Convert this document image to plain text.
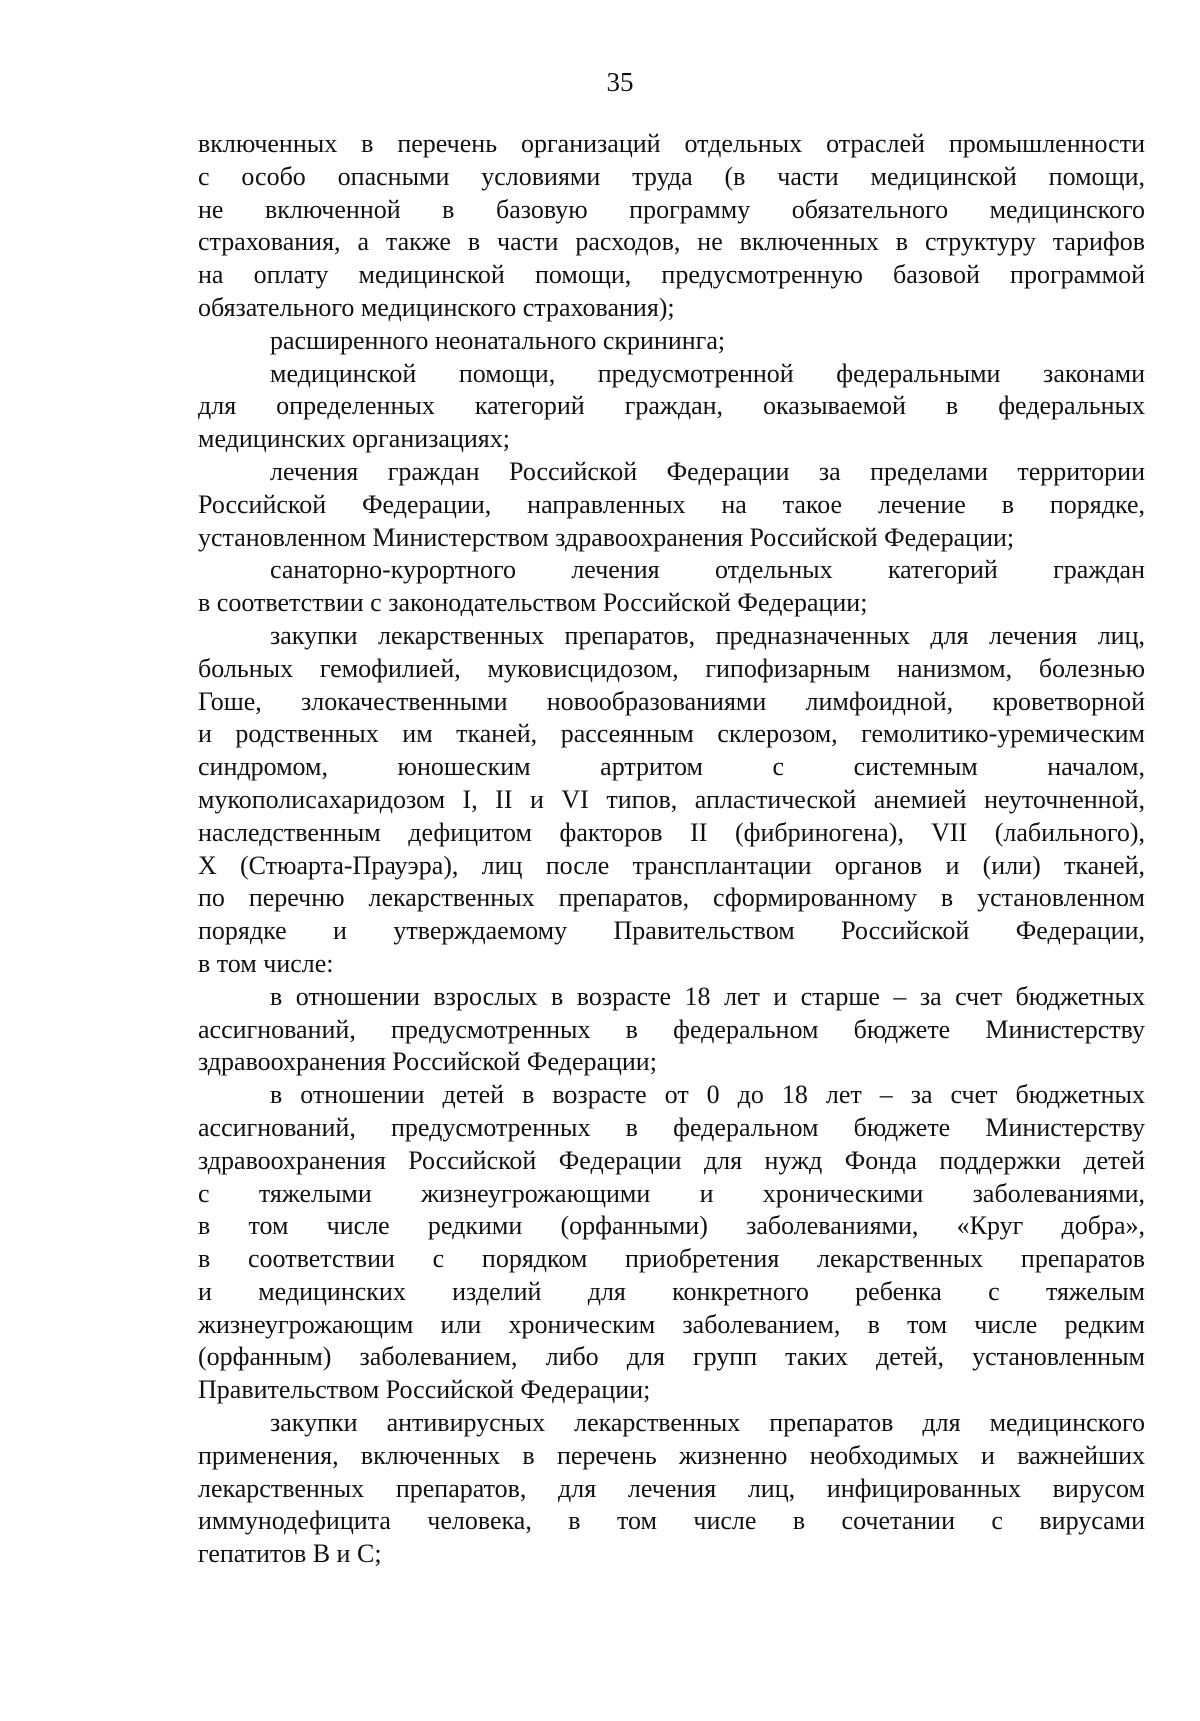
35
включенных в перечень организаций отдельных отраслей промышленности
с особо опасными условиями труда (в части медицинской помощи,
не включенной в базовую программу обязательного медицинского
страхования, а также в части расходов, не включенных в структуру тарифов
на оплату медицинской помощи, предусмотренную базовой программой
обязательного медицинского страхования);
расширенного неонатального скрининга;
медицинской помощи, предусмотренной федеральными законами
для определенных категорий граждан, оказываемой в федеральных
медицинских организациях;
лечения граждан Российской Федерации за пределами территории
Российской Федерации, направленных на такое лечение в порядке,
установленном Министерством здравоохранения Российской Федерации;
санаторно-курортного лечения отдельных категорий граждан
в соответствии с законодательством Российской Федерации;
закупки лекарственных препаратов, предназначенных для лечения лиц,
больных гемофилией, муковисцидозом, гипофизарным нанизмом, болезнью
Гоше, злокачественными новообразованиями лимфоидной, кроветворной
и родственных им тканей, рассеянным склерозом, гемолитико-уремическим
синдромом, юношеским артритом с системным началом,
мукополисахаридозом I, II и VI типов, апластической анемией неуточненной,
наследственным дефицитом факторов II (фибриногена), VII (лабильного),
X (Стюарта-Прауэра), лиц после трансплантации органов и (или) тканей,
по перечню лекарственных препаратов, сформированному в установленном
порядке и утверждаемому Правительством Российской Федерации,
в том числе:
в отношении взрослых в возрасте 18 лет и старше – за счет бюджетных
ассигнований, предусмотренных в федеральном бюджете Министерству
здравоохранения Российской Федерации;
в отношении детей в возрасте от 0 до 18 лет – за счет бюджетных
ассигнований, предусмотренных в федеральном бюджете Министерству
здравоохранения Российской Федерации для нужд Фонда поддержки детей
с тяжелыми жизнеугрожающими и хроническими заболеваниями,
в том числе редкими (орфанными) заболеваниями, «Круг добра»,
в соответствии с порядком приобретения лекарственных препаратов
и медицинских изделий для конкретного ребенка с тяжелым
жизнеугрожающим или хроническим заболеванием, в том числе редким
(орфанным) заболеванием, либо для групп таких детей, установленным
Правительством Российской Федерации;
закупки антивирусных лекарственных препаратов для медицинского
применения, включенных в перечень жизненно необходимых и важнейших
лекарственных препаратов, для лечения лиц, инфицированных вирусом
иммунодефицита человека, в том числе в сочетании с вирусами
гепатитов B и C;
